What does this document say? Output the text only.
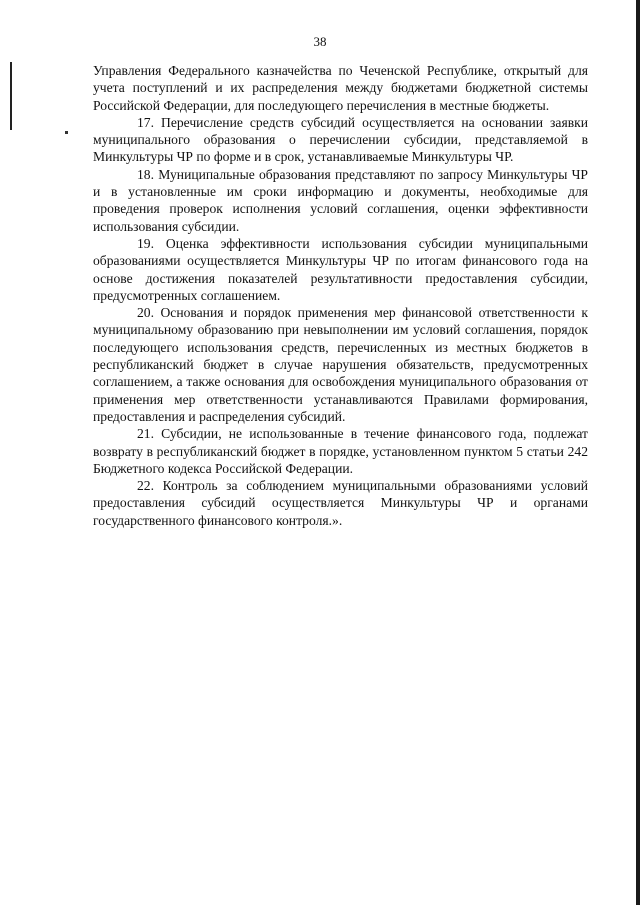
38

Управления Федерального казначейства по Чеченской Республике, открытый для учета поступлений и их распределения между бюджетами бюджетной системы Российской Федерации, для последующего перечисления в местные бюджеты.

17. Перечисление средств субсидий осуществляется на основании заявки муниципального образования о перечислении субсидии, представляемой в Минкультуры ЧР по форме и в срок, устанавливаемые Минкультуры ЧР.

18. Муниципальные образования представляют по запросу Минкультуры ЧР и в установленные им сроки информацию и документы, необходимые для проведения проверок исполнения условий соглашения, оценки эффективности использования субсидии.

19. Оценка эффективности использования субсидии муниципальными образованиями осуществляется Минкультуры ЧР по итогам финансового года на основе достижения показателей результативности предоставления субсидии, предусмотренных соглашением.

20. Основания и порядок применения мер финансовой ответственности к муниципальному образованию при невыполнении им условий соглашения, порядок последующего использования средств, перечисленных из местных бюджетов в республиканский бюджет в случае нарушения обязательств, предусмотренных соглашением, а также основания для освобождения муниципального образования от применения мер ответственности устанавливаются Правилами формирования, предоставления и распределения субсидий.

21. Субсидии, не использованные в течение финансового года, подлежат возврату в республиканский бюджет в порядке, установленном пунктом 5 статьи 242 Бюджетного кодекса Российской Федерации.

22. Контроль за соблюдением муниципальными образованиями условий предоставления субсидий осуществляется Минкультуры ЧР и органами государственного финансового контроля.».
